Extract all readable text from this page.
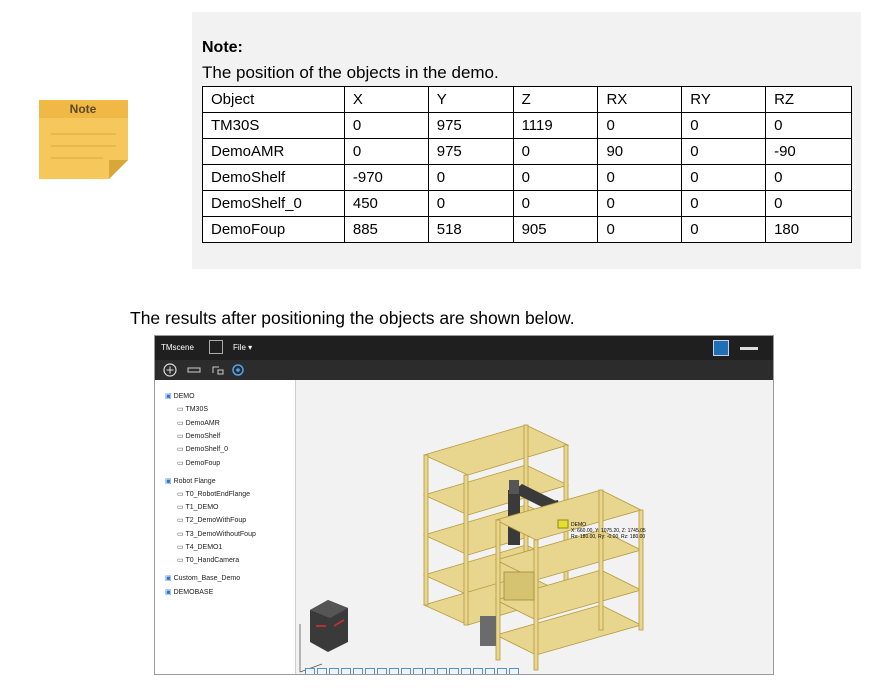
Note
Note:
The position of the objects in the demo.
Object	X	Y	Z	RX	RY	RZ
TM30S	0	975	1119	0	0	0
DemoAMR	0	975	0	90	0	-90
DemoShelf	-970	0	0	0	0	0
DemoShelf_0	450	0	0	0	0	0
DemoFoup	885	518	905	0	0	180
The results after positioning the objects are shown below.
TMscene	File ▾
▣ DEMO
▭ TM30S
▭ DemoAMR
▭ DemoShelf
▭ DemoShelf_0
▭ DemoFoup
▣ Robot Flange
▭ T0_RobotEndFlange
▭ T1_DEMO
▭ T2_DemoWithFoup
▭ T3_DemoWithoutFoup
▭ T4_DEMO1
▭ T0_HandCamera
▣ Custom_Base_Demo
▣ DEMOBASE
DEMO
X: 660.00, Y: 1075.20, Z: 1745.05
Rx: 180.00, Ry: -0.00, Rz: 180.00
